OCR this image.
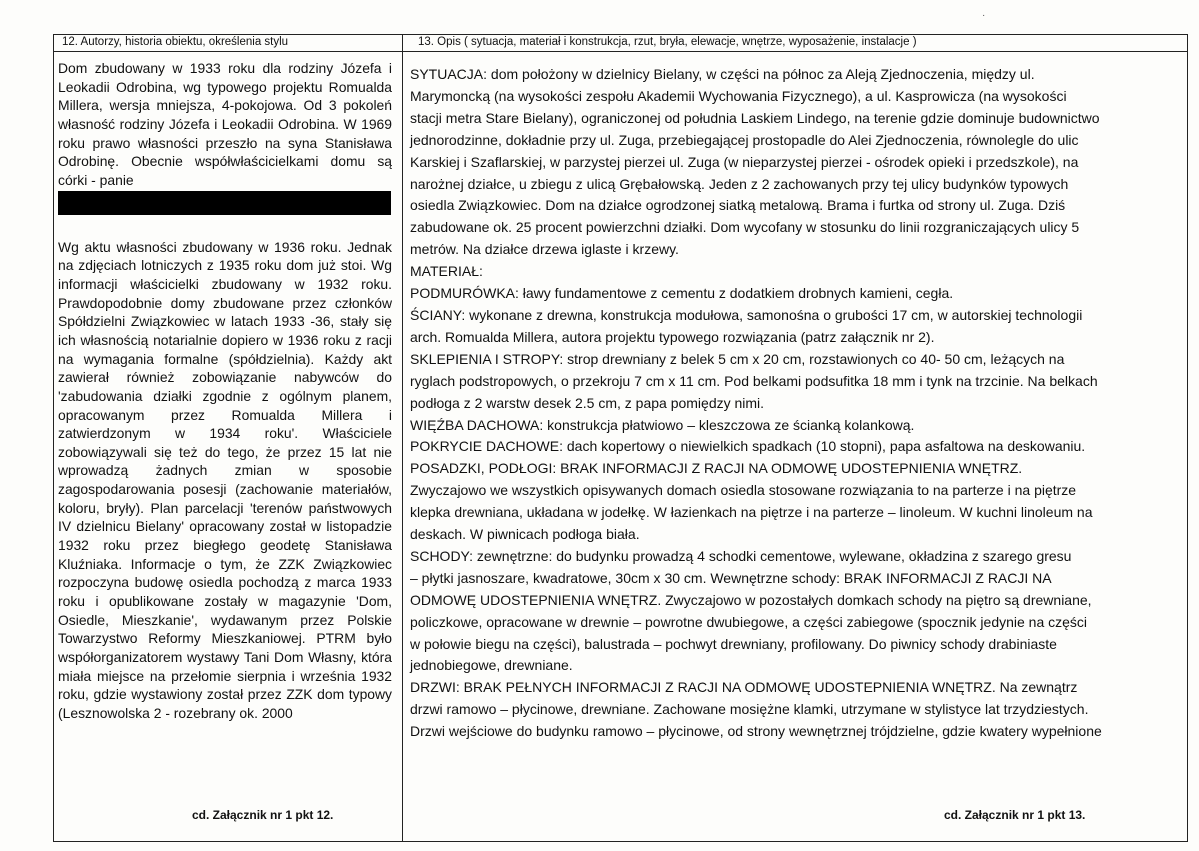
12. Autorzy, historia obiektu, określenia stylu	13. Opis ( sytuacja, materiał i konstrukcja, rzut, bryła, elewacje, wnętrze, wyposażenie, instalacje )

Dom zbudowany w 1933 roku dla rodziny Józefa i Leokadii Odrobina, wg typowego projektu Romualda Millera, wersja mniejsza, 4-pokojowa. Od 3 pokoleń własność rodziny Józefa i Leokadii Odrobina. W 1969 roku prawo własności przeszło na syna Stanisława Odrobinę. Obecnie współwłaścicielkami domu są córki - panie

Wg aktu własności zbudowany w 1936 roku. Jednak na zdjęciach lotniczych z 1935 roku dom już stoi. Wg informacji właścicielki zbudowany w 1932 roku. Prawdopodobnie domy zbudowane przez członków Spółdzielni Związkowiec w latach 1933 -36, stały się ich własnością notarialnie dopiero w 1936 roku z racji na wymagania formalne (spółdzielnia). Każdy akt zawierał również zobowiązanie nabywców do 'zabudowania działki zgodnie z ogólnym planem, opracowanym przez Romualda Millera i zatwierdzonym w 1934 roku'. Właściciele zobowiązywali się też do tego, że przez 15 lat nie wprowadzą żadnych zmian w sposobie zagospodarowania posesji (zachowanie materiałów, koloru, bryły). Plan parcelacji 'terenów państwowych IV dzielnicu Bielany' opracowany został w listopadzie 1932 roku przez biegłego geodetę Stanisława Kluźniaka. Informacje o tym, że ZZK Związkowiec rozpoczyna budowę osiedla pochodzą z marca 1933 roku i opublikowane zostały w magazynie 'Dom, Osiedle, Mieszkanie', wydawanym przez Polskie Towarzystwo Reformy Mieszkaniowej. PTRM było współorganizatorem wystawy Tani Dom Własny, która miała miejsce na przełomie sierpnia i września 1932 roku, gdzie wystawiony został przez ZZK dom typowy (Lesznowolska 2 - rozebrany ok. 2000

SYTUACJA: dom położony w dzielnicy Bielany, w części na północ za Aleją Zjednoczenia, między ul.

Marymoncką (na wysokości zespołu Akademii Wychowania Fizycznego), a ul. Kasprowicza (na wysokości

stacji metra Stare Bielany), ograniczonej od południa Laskiem Lindego, na terenie gdzie dominuje budownictwo

jednorodzinne, dokładnie przy ul. Zuga, przebiegającej prostopadle do Alei Zjednoczenia, równolegle do ulic

Karskiej i Szaflarskiej, w parzystej pierzei ul. Zuga (w nieparzystej pierzei - ośrodek opieki i przedszkole), na

narożnej działce, u zbiegu z ulicą Grębałowską. Jeden z 2 zachowanych przy tej ulicy budynków typowych

osiedla Związkowiec. Dom na działce ogrodzonej siatką metalową. Brama i furtka od strony ul. Zuga. Dziś

zabudowane ok. 25 procent powierzchni działki. Dom wycofany w stosunku do linii rozgraniczających ulicy 5

metrów. Na działce drzewa iglaste i krzewy.

MATERIAŁ:

PODMURÓWKA: ławy fundamentowe z cementu z dodatkiem drobnych kamieni, cegła.

ŚCIANY: wykonane z drewna, konstrukcja modułowa, samonośna o grubości 17 cm, w autorskiej technologii

arch. Romualda Millera, autora projektu typowego rozwiązania (patrz załącznik nr 2).

SKLEPIENIA I STROPY: strop drewniany z belek 5 cm x 20 cm, rozstawionych co 40- 50 cm, leżących na

ryglach podstropowych, o przekroju 7 cm x 11 cm. Pod belkami podsufitka 18 mm i tynk na trzcinie. Na belkach

podłoga z 2 warstw desek 2.5 cm, z papa pomiędzy nimi.

WIĘŹBA DACHOWA: konstrukcja płatwiowo – kleszczowa ze ścianką kolankową.

POKRYCIE DACHOWE: dach kopertowy o niewielkich spadkach (10 stopni), papa asfaltowa na deskowaniu.

POSADZKI, PODŁOGI: BRAK INFORMACJI Z RACJI NA ODMOWĘ UDOSTEPNIENIA WNĘTRZ.

Zwyczajowo we wszystkich opisywanych domach osiedla stosowane rozwiązania to na parterze i na piętrze

klepka drewniana, układana w jodełkę. W łazienkach na piętrze i na parterze – linoleum. W kuchni linoleum na

deskach. W piwnicach podłoga biała.

SCHODY: zewnętrzne: do budynku prowadzą 4 schodki cementowe, wylewane, okładzina z szarego gresu

– płytki jasnoszare, kwadratowe, 30cm x 30 cm. Wewnętrzne schody: BRAK INFORMACJI Z RACJI NA

ODMOWĘ UDOSTEPNIENIA WNĘTRZ. Zwyczajowo w pozostałych domkach schody na piętro są drewniane,

policzkowe, opracowane w drewnie – powrotne dwubiegowe, a części zabiegowe (spocznik jedynie na części

w połowie biegu na części), balustrada – pochwyt drewniany, profilowany. Do piwnicy schody drabiniaste

jednobiegowe, drewniane.

DRZWI: BRAK PEŁNYCH INFORMACJI Z RACJI NA ODMOWĘ UDOSTEPNIENIA WNĘTRZ. Na zewnątrz

drzwi ramowo – płycinowe, drewniane. Zachowane mosiężne klamki, utrzymane w stylistyce lat trzydziestych.

Drzwi wejściowe do budynku ramowo – płycinowe, od strony wewnętrznej trójdzielne, gdzie kwatery wypełnione

cd. Załącznik nr 1 pkt 12.	cd. Załącznik nr 1 pkt 13.
·
